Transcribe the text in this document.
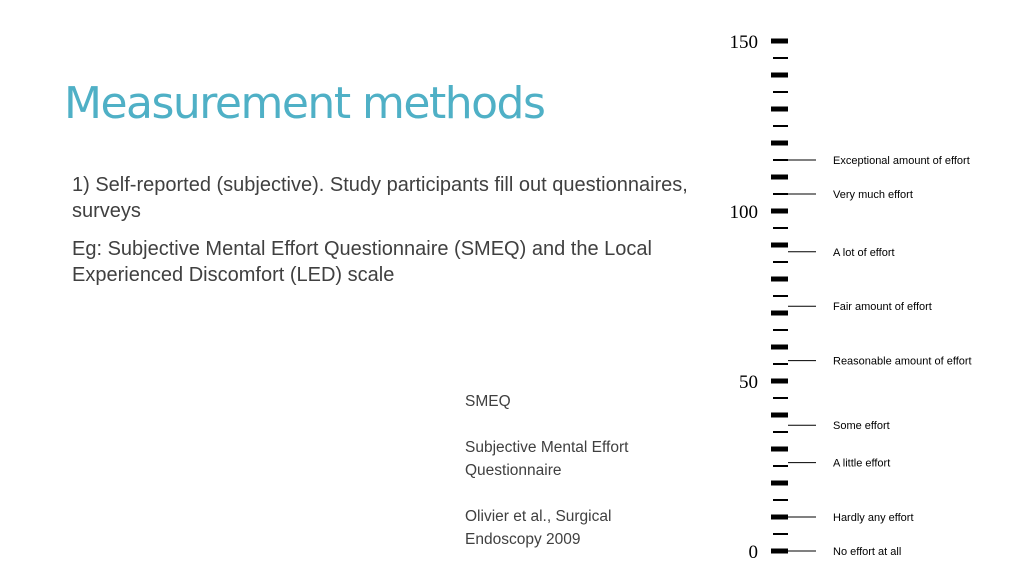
Measurement methods

1) Self-reported (subjective). Study participants fill out questionnaires, surveys

Eg: Subjective Mental Effort Questionnaire (SMEQ) and the Local Experienced Discomfort (LED) scale

SMEQ

Subjective Mental Effort Questionnaire

Olivier et al., Surgical Endoscopy 2009

150
100
50
0
Exceptional amount of effort
Very much effort
A lot of effort
Fair amount of effort
Reasonable amount of effort
Some effort
A little effort
Hardly any effort
No effort at all
